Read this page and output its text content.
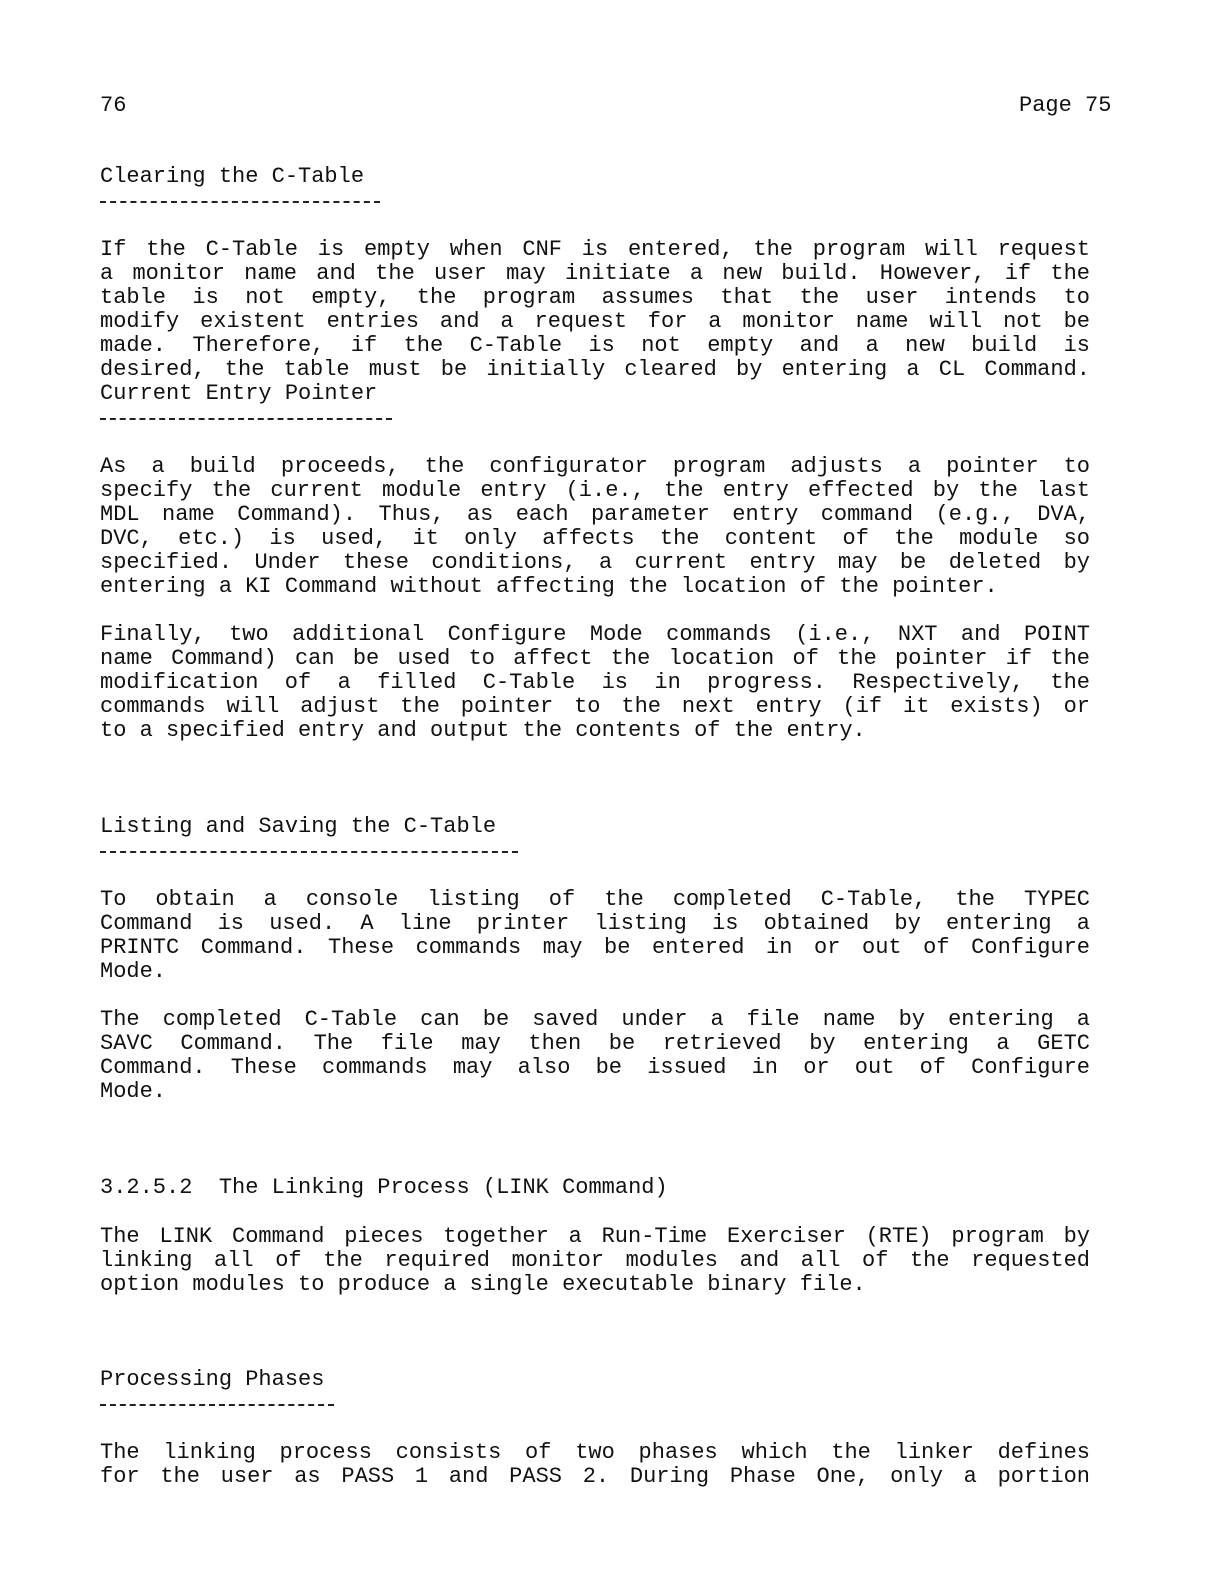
76	Page 75
Clearing the C-Table
If the C-Table is empty when CNF is entered, the program will request
a monitor name and the user may initiate a new build. However, if the
table is not empty, the program assumes that the user intends to
modify existent entries and a request for a monitor name will not be
made. Therefore, if the C-Table is not empty and a new build is
desired, the table must be initially cleared by entering a CL Command.
Current Entry Pointer
As a build proceeds, the configurator program adjusts a pointer to
specify the current module entry (i.e., the entry effected by the last
MDL name Command). Thus, as each parameter entry command (e.g., DVA,
DVC, etc.) is used, it only affects the content of the module so
specified. Under these conditions, a current entry may be deleted by
entering a KI Command without affecting the location of the pointer.
Finally, two additional Configure Mode commands (i.e., NXT and POINT
name Command) can be used to affect the location of the pointer if the
modification of a filled C-Table is in progress. Respectively, the
commands will adjust the pointer to the next entry (if it exists) or
to a specified entry and output the contents of the entry.
Listing and Saving the C-Table
To obtain a console listing of the completed C-Table, the TYPEC
Command is used. A line printer listing is obtained by entering a
PRINTC Command. These commands may be entered in or out of Configure
Mode.
The completed C-Table can be saved under a file name by entering a
SAVC Command. The file may then be retrieved by entering a GETC
Command. These commands may also be issued in or out of Configure
Mode.
3.2.5.2  The Linking Process (LINK Command)
The LINK Command pieces together a Run-Time Exerciser (RTE) program by
linking all of the required monitor modules and all of the requested
option modules to produce a single executable binary file.
Processing Phases
The linking process consists of two phases which the linker defines
for the user as PASS 1 and PASS 2. During Phase One, only a portion
